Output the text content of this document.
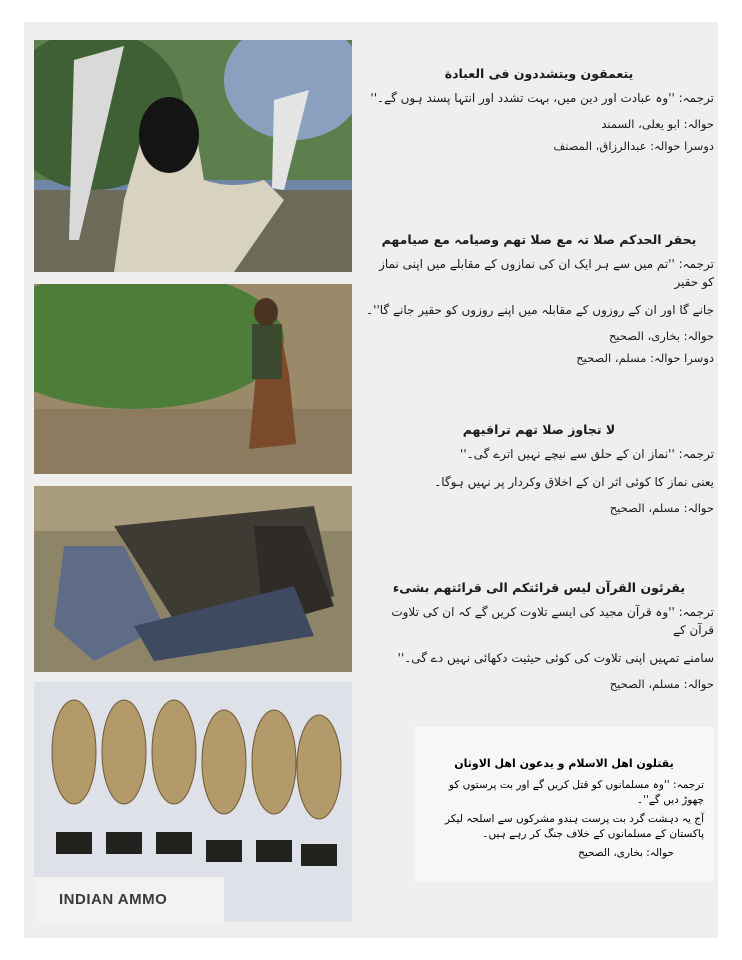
INDIAN AMMO

يتعمقون ويتشددون فى العبادة

ترجمہ: ''وہ عبادت اور دین میں، بہت تشدد اور انتہا پسند ہوں گے۔''

حوالہ: ابو یعلی، السمند

دوسرا حوالہ: عبدالرزاق، المصنف

یحقر الحدکم صلا تہ مع صلا تھم وصیامہ مع صیامھم

ترجمہ: ''تم میں سے ہر ایک ان کی نمازوں کے مقابلے میں اپنی نماز کو حقیر

جانے گا اور ان کے روزوں کے مقابلہ میں اپنے روزوں کو حقیر جانے گا''۔

حوالہ: بخاری، الصحیح

دوسرا حوالہ: مسلم، الصحیح

لا تجاوز صلا تھم تراقیھم

ترجمہ: ''نماز ان کے حلق سے نیچے نہیں اترے گی۔''

یعنی نماز کا کوئی اثر ان کے اخلاق وکردار پر نہیں ہوگا۔

حوالہ: مسلم، الصحیح

یقرئون القرآن لیس قرائتکم الی قرائتھم بشیء

ترجمہ: ''وہ قرآن مجید کی ایسے تلاوت کریں گے کہ ان کی تلاوت قرآن کے

سامنے تمہیں اپنی تلاوت کی کوئی حیثیت دکھائی نہیں دے گی۔''

حوالہ: مسلم، الصحیح

یقتلون اهل الاسلام و یدعون اهل الاوثان

ترجمہ: ''وہ مسلمانوں کو قتل کریں گے اور بت پرستوں کو چھوڑ دیں گے''۔

آج یہ دہشت گرد بت پرست ہندو مشرکوں سے اسلحہ لیکر پاکستان کے مسلمانوں کے خلاف جنگ کر رہے ہیں۔

حوالہ: بخاری، الصحیح
